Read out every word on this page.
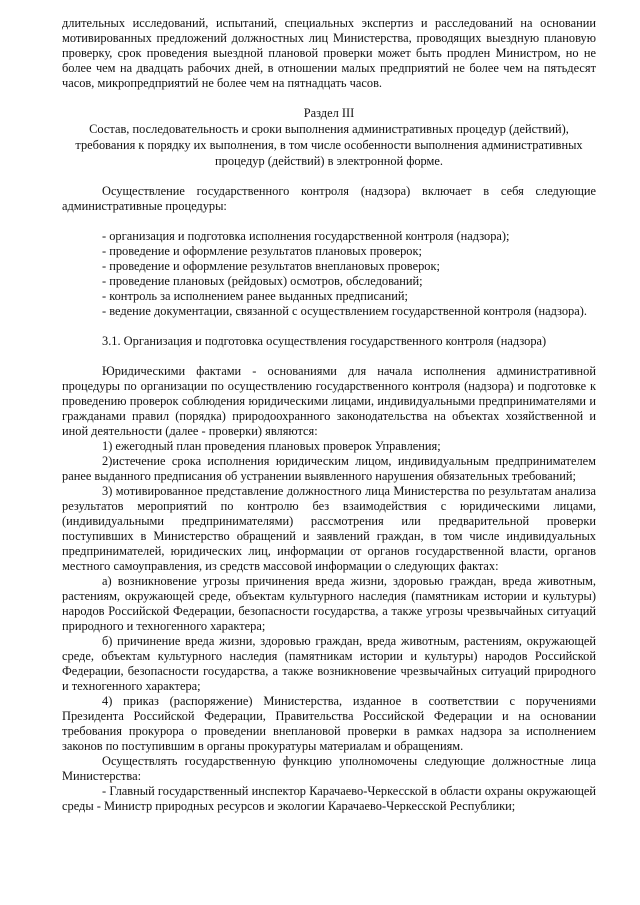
длительных исследований, испытаний, специальных экспертиз и расследований на основании мотивированных предложений должностных лиц Министерства, проводящих выездную плановую проверку, срок проведения выездной плановой проверки может быть продлен Министром, но не более чем на двадцать рабочих дней, в отношении малых предприятий не более чем на пятьдесят часов, микропредприятий не более чем на пятнадцать часов.

Раздел III

Состав, последовательность и сроки выполнения административных процедур (действий), требования к порядку их выполнения, в том числе особенности выполнения административных процедур (действий) в электронной форме.

Осуществление государственного контроля (надзора) включает в себя следующие административные процедуры:

- организация и подготовка исполнения государственной контроля (надзора);
- проведение и оформление результатов плановых проверок;
- проведение и оформление результатов внеплановых проверок;
- проведение плановых (рейдовых) осмотров, обследований;
- контроль за исполнением ранее выданных предписаний;
- ведение документации, связанной с осуществлением государственной контроля (надзора).

3.1. Организация и подготовка осуществления государственного контроля (надзора)

Юридическими фактами - основаниями для начала исполнения административной процедуры по организации по осуществлению государственного контроля (надзора) и подготовке к проведению проверок соблюдения юридическими лицами, индивидуальными предпринимателями и гражданами правил (порядка) природоохранного законодательства на объектах хозяйственной и иной деятельности (далее - проверки) являются:

1) ежегодный план проведения плановых проверок Управления;

2)истечение срока исполнения юридическим лицом, индивидуальным предпринимателем ранее выданного предписания об устранении выявленного нарушения обязательных требований;

3) мотивированное представление должностного лица Министерства по результатам анализа результатов мероприятий по контролю без взаимодействия с юридическими лицами, (индивидуальными предпринимателями) рассмотрения или предварительной проверки поступивших в Министерство обращений и заявлений граждан, в том числе индивидуальных предпринимателей, юридических лиц, информации от органов государственной власти, органов местного самоуправления, из средств массовой информации о следующих фактах:

а) возникновение угрозы причинения вреда жизни, здоровью граждан, вреда животным, растениям, окружающей среде, объектам культурного наследия (памятникам истории и культуры) народов Российской Федерации, безопасности государства, а также угрозы чрезвычайных ситуаций природного и техногенного характера;

б) причинение вреда жизни, здоровью граждан, вреда животным, растениям, окружающей среде, объектам культурного наследия (памятникам истории и культуры) народов Российской Федерации, безопасности государства, а также возникновение чрезвычайных ситуаций природного и техногенного характера;

4) приказ (распоряжение) Министерства, изданное в соответствии с поручениями Президента Российской Федерации, Правительства Российской Федерации и на основании требования прокурора о проведении внеплановой проверки в рамках надзора за исполнением законов по поступившим в органы прокуратуры материалам и обращениям.

Осуществлять государственную функцию уполномочены следующие должностные лица Министерства:

- Главный государственный инспектор Карачаево-Черкесской в области охраны окружающей среды - Министр природных ресурсов и экологии Карачаево-Черкесской Республики;
